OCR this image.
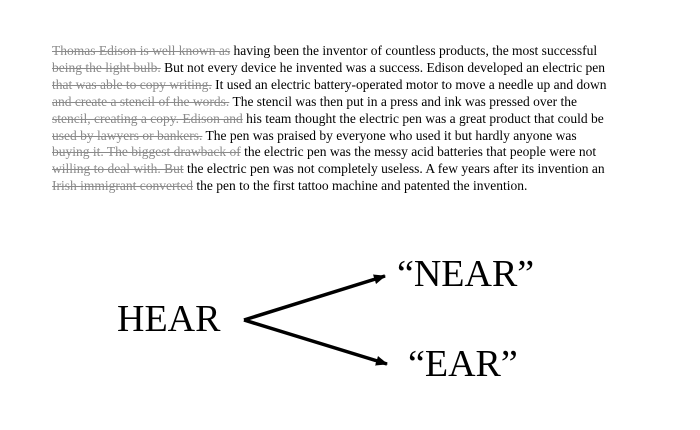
Thomas Edison is well known as having been the inventor of countless products, the most successful
being the light bulb. But not every device he invented was a success. Edison developed an electric pen
that was able to copy writing. It used an electric battery-operated motor to move a needle up and down
and create a stencil of the words. The stencil was then put in a press and ink was pressed over the
stencil, creating a copy. Edison and his team thought the electric pen was a great product that could be
used by lawyers or bankers. The pen was praised by everyone who used it but hardly anyone was
buying it. The biggest drawback of the electric pen was the messy acid batteries that people were not
willing to deal with. But the electric pen was not completely useless. A few years after its invention an
Irish immigrant converted the pen to the first tattoo machine and patented the invention.
HEAR
“NEAR”
“EAR”
